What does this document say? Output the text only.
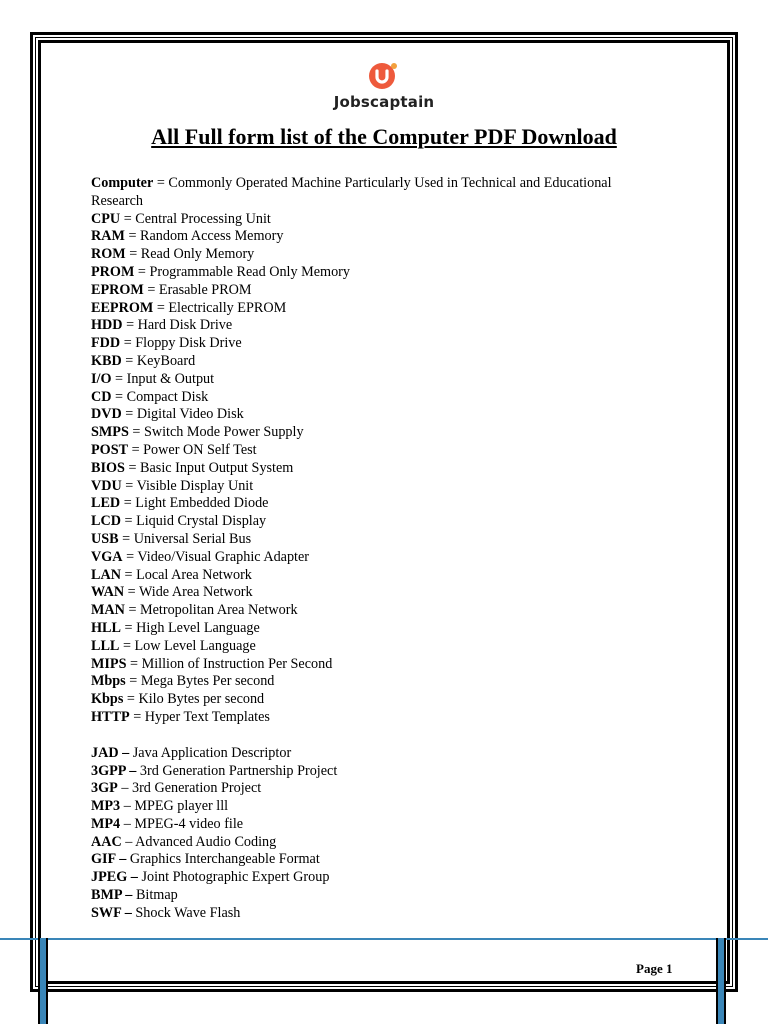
Jobscaptain
All Full form list of the Computer PDF Download

Computer = Commonly Operated Machine Particularly Used in Technical and Educational Research

CPU = Central Processing Unit

RAM = Random Access Memory

ROM = Read Only Memory

PROM = Programmable Read Only Memory

EPROM = Erasable PROM

EEPROM = Electrically EPROM

HDD = Hard Disk Drive

FDD = Floppy Disk Drive

KBD = KeyBoard

I/O = Input & Output

CD = Compact Disk

DVD = Digital Video Disk

SMPS = Switch Mode Power Supply

POST = Power ON Self Test

BIOS = Basic Input Output System

VDU = Visible Display Unit

LED = Light Embedded Diode

LCD = Liquid Crystal Display

USB = Universal Serial Bus

VGA = Video/Visual Graphic Adapter

LAN = Local Area Network

WAN = Wide Area Network

MAN = Metropolitan Area Network

HLL = High Level Language

LLL = Low Level Language

MIPS = Million of Instruction Per Second

Mbps = Mega Bytes Per second

Kbps = Kilo Bytes per second

HTTP = Hyper Text Templates

JAD – Java Application Descriptor

3GPP – 3rd Generation Partnership Project

3GP – 3rd Generation Project

MP3 – MPEG player lll

MP4 – MPEG-4 video file

AAC – Advanced Audio Coding

GIF – Graphics Interchangeable Format

JPEG – Joint Photographic Expert Group

BMP – Bitmap

SWF – Shock Wave Flash

Page 1
